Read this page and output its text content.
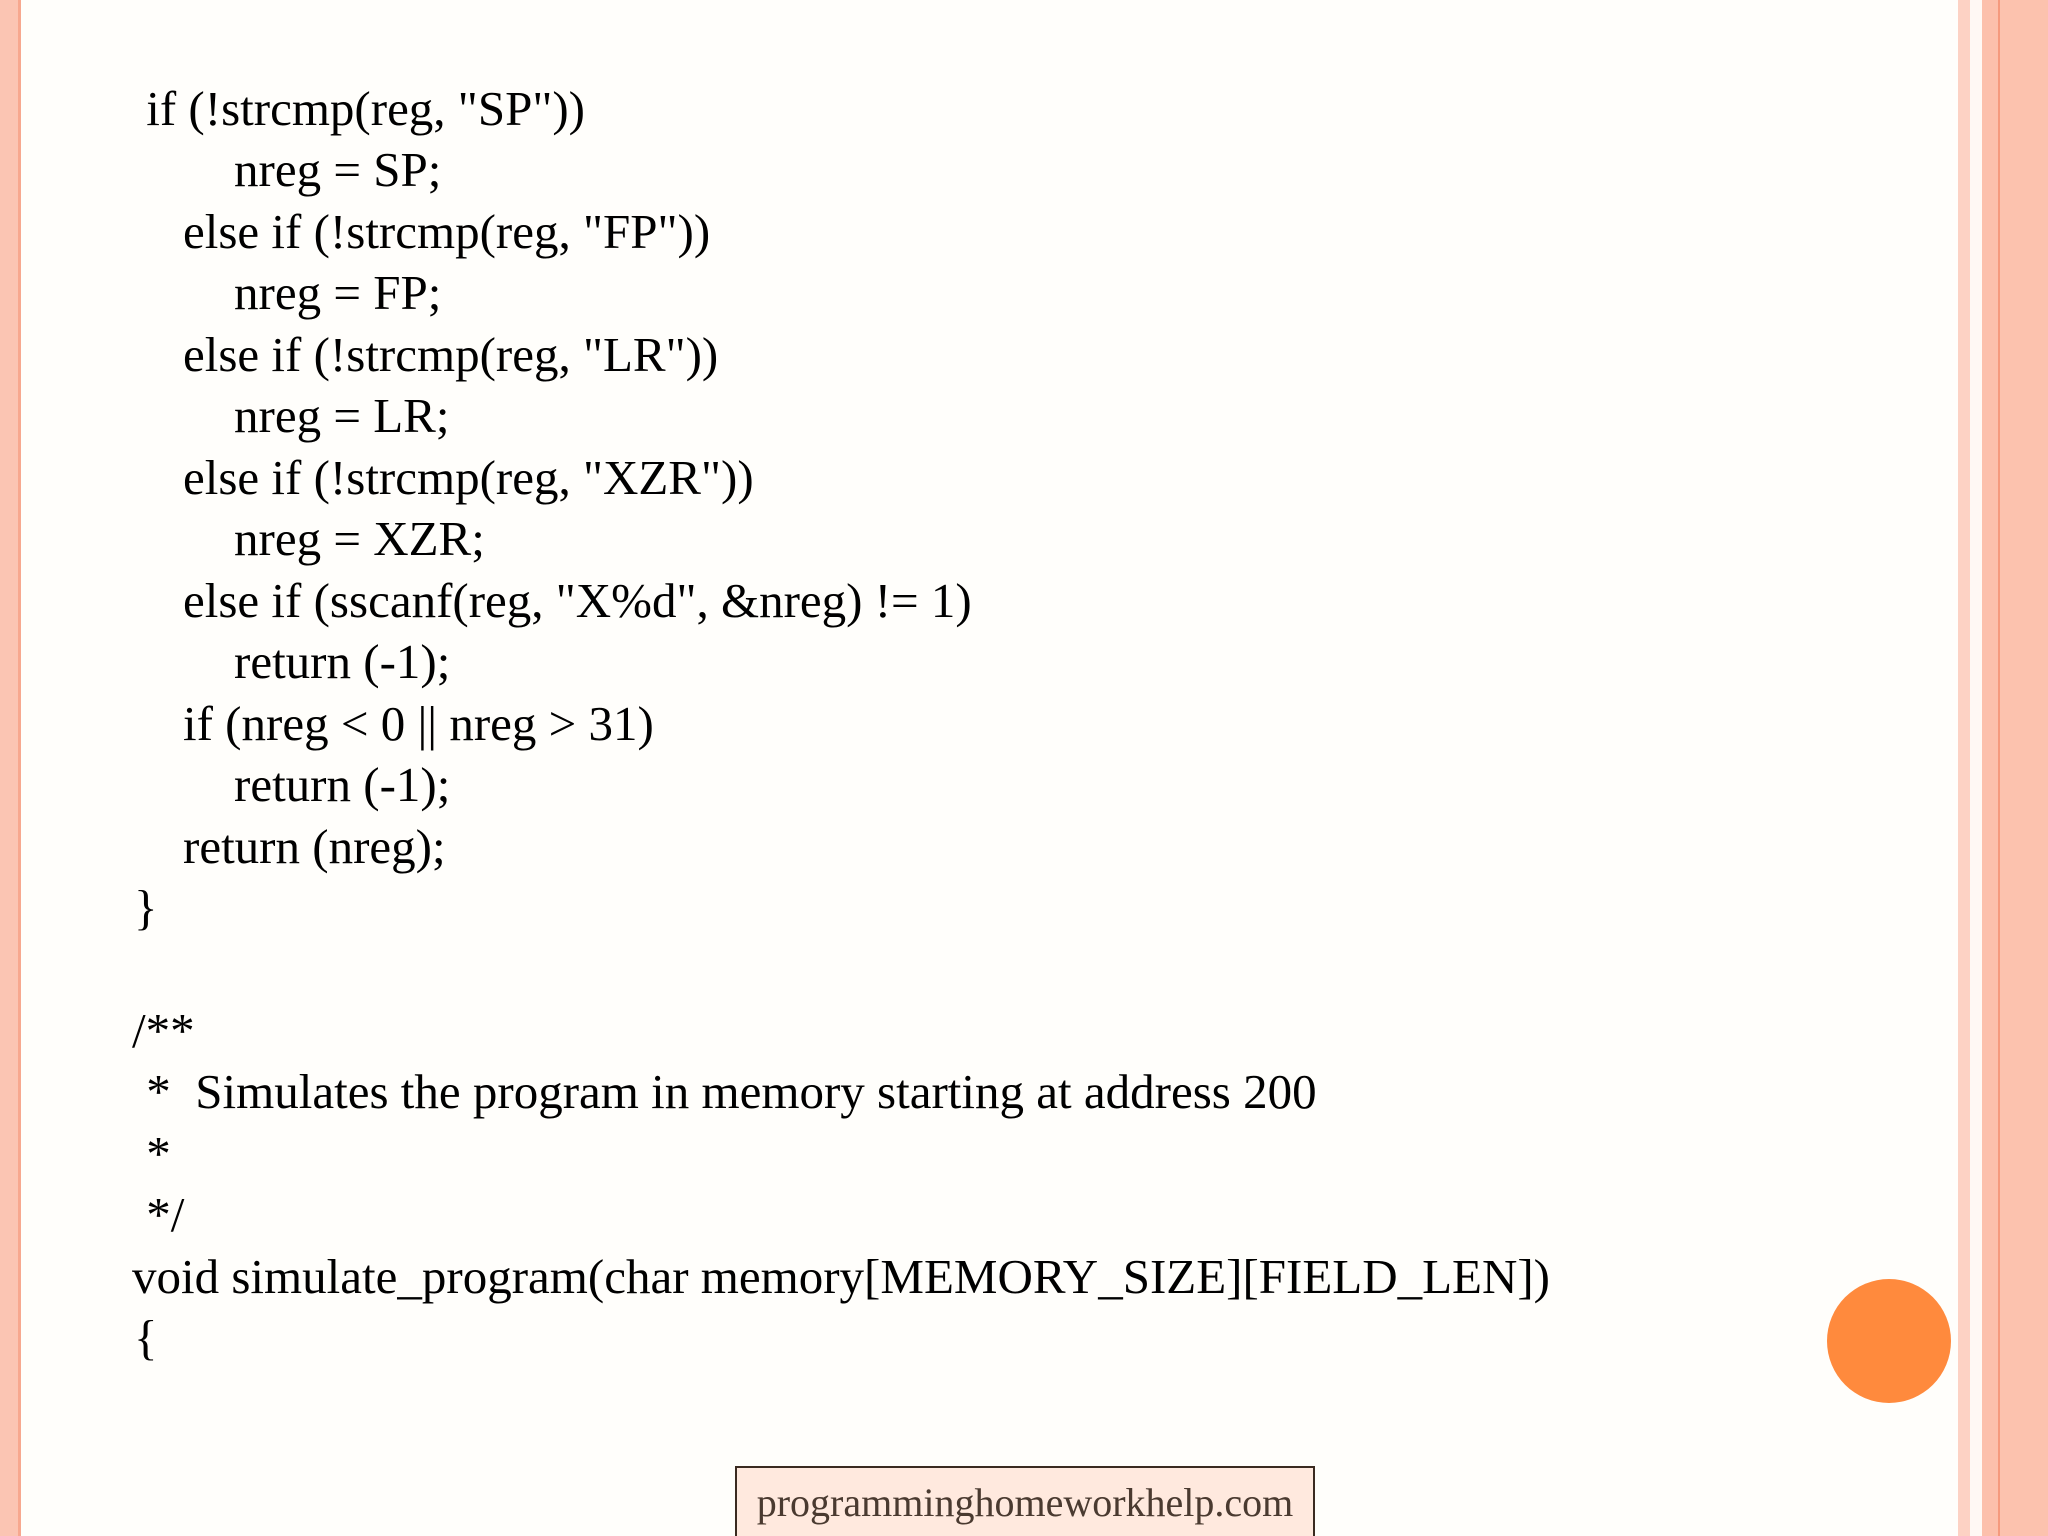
if (!strcmp(reg, "SP"))
nreg = SP;
else if (!strcmp(reg, "FP"))
nreg = FP;
else if (!strcmp(reg, "LR"))
nreg = LR;
else if (!strcmp(reg, "XZR"))
nreg = XZR;
else if (sscanf(reg, "X%d", &nreg) != 1)
return (-1);
if (nreg < 0 || nreg > 31)
return (-1);
return (nreg);
}
/**
*  Simulates the program in memory starting at address 200
*
*/
void simulate_program(char memory[MEMORY_SIZE][FIELD_LEN])
{
programminghomeworkhelp.com
